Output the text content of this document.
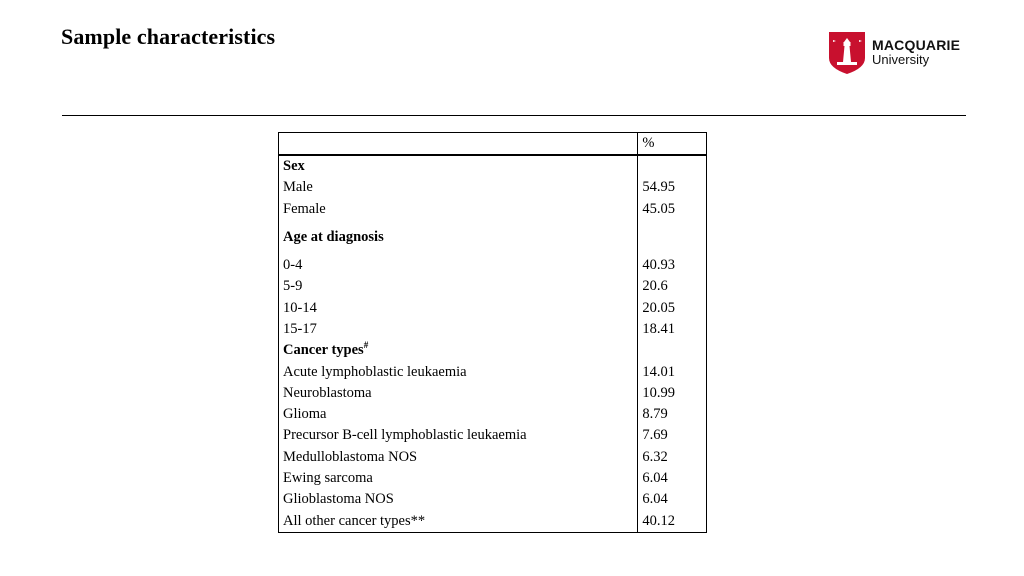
Sample characteristics	MACQUARIE
University
	%
Sex	
Male	54.95
Female	45.05
Age at diagnosis	
0-4	40.93
5-9	20.6
10-14	20.05
15-17	18.41
Cancer types#	
Acute lymphoblastic leukaemia	14.01
Neuroblastoma	10.99
Glioma	8.79
Precursor B-cell lymphoblastic leukaemia	7.69
Medulloblastoma NOS	6.32
Ewing sarcoma	6.04
Glioblastoma NOS	6.04
All other cancer types**	40.12
